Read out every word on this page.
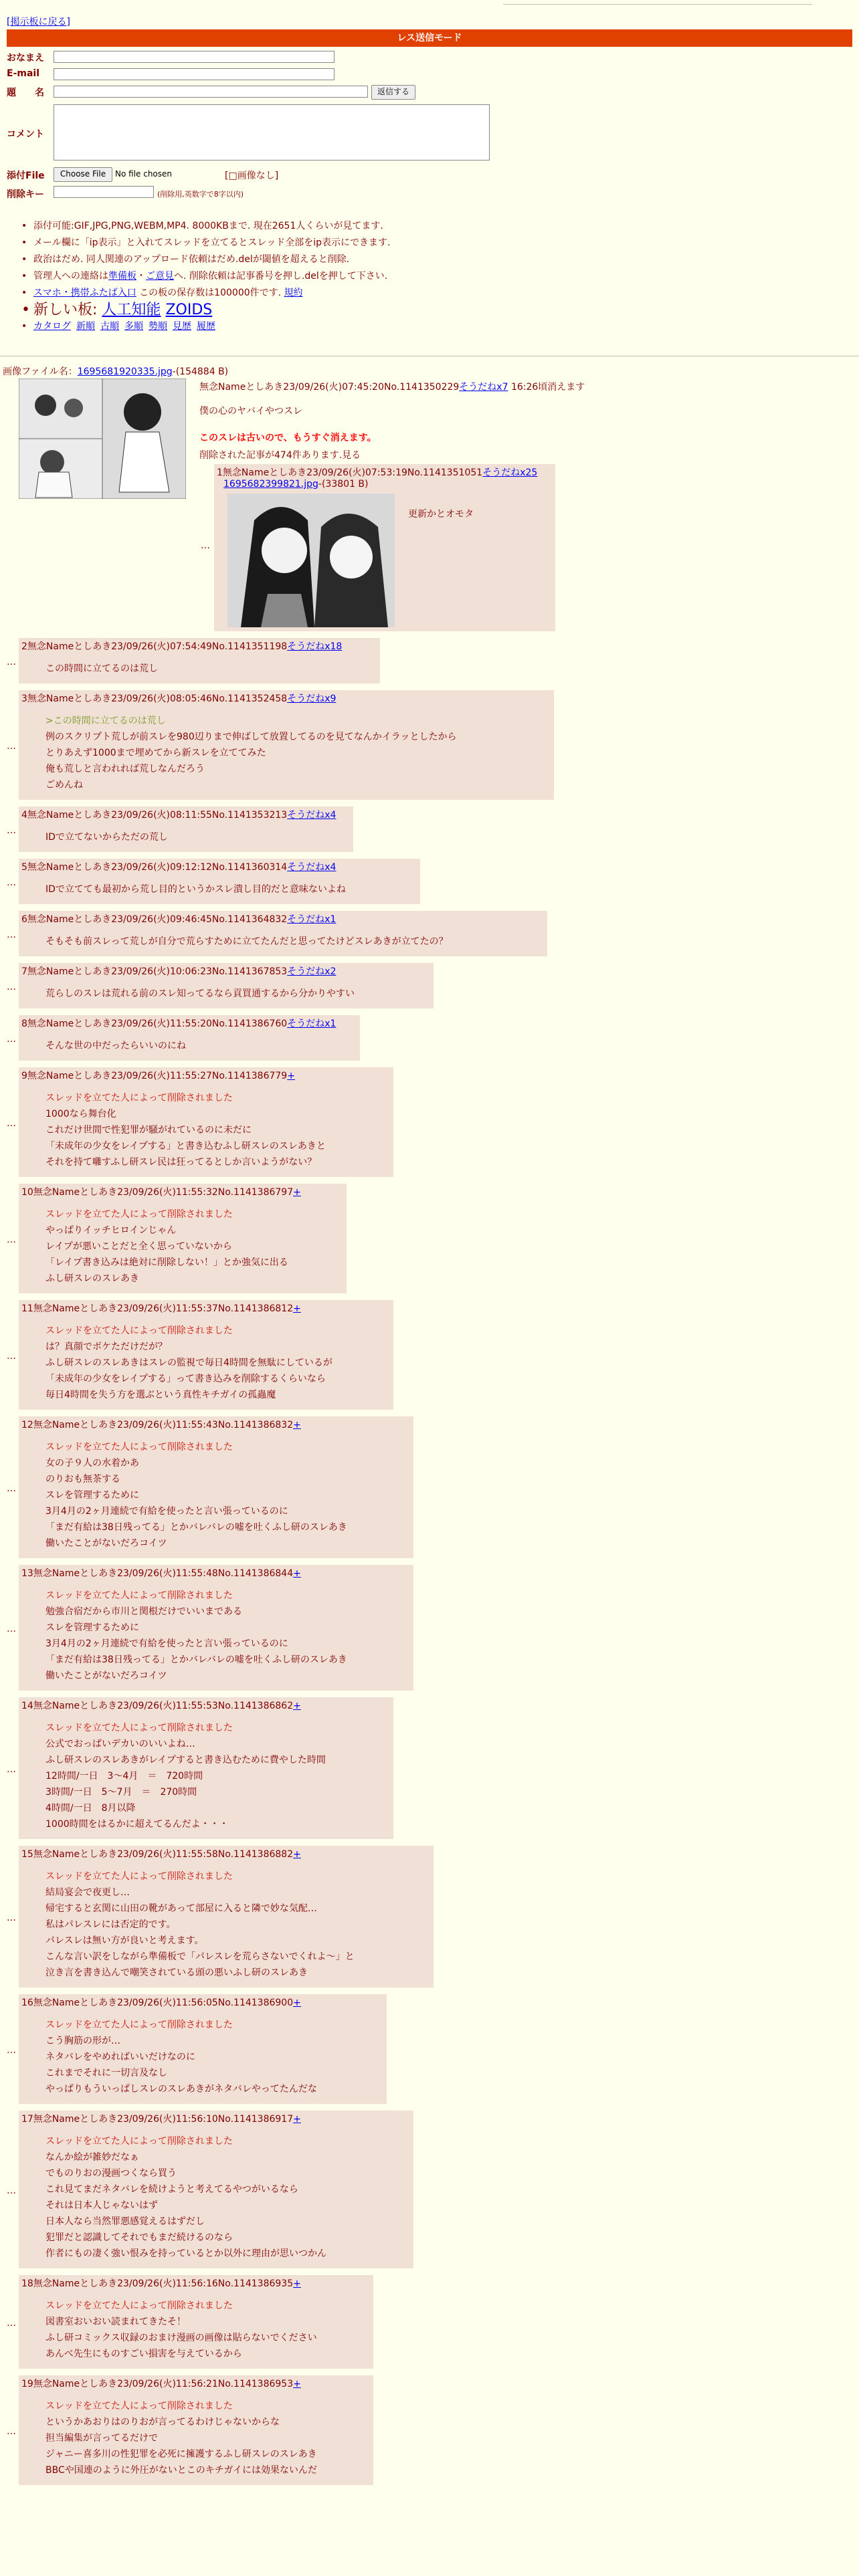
[掲示板に戻る]
レス送信モード
おなまえ
E-mail
題　　名	返信する
コメント
添付File	Choose File	No file chosen	[□画像なし]
削除キー	(削除用,英数字で8字以内)
• 添付可能:GIF,JPG,PNG,WEBM,MP4. 8000KBまで. 現在2651人くらいが見てます.
• メール欄に「ip表示」と入れてスレッドを立てるとスレッド全部をip表示にできます.
• 政治はだめ. 同人関連のアップロード依頼はだめ.delが閾値を超えると削除.
• 管理人への連絡は準備板・ご意見へ. 削除依頼は記事番号を押し.delを押して下さい.
• スマホ・携帯ふたば入口 この板の保存数は100000件です. 規約
• 新しい板: 人工知能 ZOIDS
• カタログ 新順 古順 多順 勢順 見歴 履歴
画像ファイル名：1695681920335.jpg-(154884 B)
無念Nameとしあき23/09/26(火)07:45:20No.1141350229そうだねx7 16:26頃消えます
僕の心のヤバイやつスレ
このスレは古いので、もうすぐ消えます。
削除された記事が474件あります.見る
1無念Nameとしあき23/09/26(火)07:53:19No.1141351051そうだねx25
1695682399821.jpg-(33801 B)
更新かとオモタ
…
2無念Nameとしあき23/09/26(火)07:54:49No.1141351198そうだねx18
この時間に立てるのは荒し
…
3無念Nameとしあき23/09/26(火)08:05:46No.1141352458そうだねx9
>この時間に立てるのは荒し
例のスクリプト荒しが前スレを980辺りまで伸ばして放置してるのを見てなんかイラッとしたから
とりあえず1000まで埋めてから新スレを立ててみた
俺も荒しと言われれば荒しなんだろう
ごめんね
…
4無念Nameとしあき23/09/26(火)08:11:55No.1141353213そうだねx4
IDで立てないからただの荒し
…
5無念Nameとしあき23/09/26(火)09:12:12No.1141360314そうだねx4
IDで立てても最初から荒し目的というかスレ潰し目的だと意味ないよね
…
6無念Nameとしあき23/09/26(火)09:46:45No.1141364832そうだねx1
そもそも前スレって荒しが自分で荒らすために立てたんだと思ってたけどスレあきが立てたの？
…
7無念Nameとしあき23/09/26(火)10:06:23No.1141367853そうだねx2
荒らしのスレは荒れる前のスレ知ってるなら貢買通するから分かりやすい
…
8無念Nameとしあき23/09/26(火)11:55:20No.1141386760そうだねx1
そんな世の中だったらいいのにね
…
9無念Nameとしあき23/09/26(火)11:55:27No.1141386779+
スレッドを立てた人によって削除されました
1000なら舞台化
これだけ世間で性犯罪が騒がれているのに未だに
「未成年の少女をレイプする」と書き込むふし研スレのスレあきと
それを持て囃すふし研スレ民は狂ってるとしか言いようがない？
…
10無念Nameとしあき23/09/26(火)11:55:32No.1141386797+
スレッドを立てた人によって削除されました
やっぱりイッチヒロインじゃん
レイプが悪いことだと全く思っていないから
「レイプ書き込みは絶対に削除しない！」とか強気に出る
ふし研スレのスレあき
…
11無念Nameとしあき23/09/26(火)11:55:37No.1141386812+
スレッドを立てた人によって削除されました
は？真顔でボケただけだが？
ふし研スレのスレあきはスレの監視で毎日4時間を無駄にしているが
「未成年の少女をレイプする」って書き込みを削除するくらいなら
毎日4時間を失う方を選ぶという真性キチガイの孤蟲魔
…
12無念Nameとしあき23/09/26(火)11:55:43No.1141386832+
スレッドを立てた人によって削除されました
女の子９人の水着かあ
のりおも無茶する
スレを管理するために
3月4月の2ヶ月連続で有給を使ったと言い張っているのに
「まだ有給は38日残ってる」とかバレバレの嘘を吐くふし研のスレあき
働いたことがないだろコイツ
…
13無念Nameとしあき23/09/26(火)11:55:48No.1141386844+
スレッドを立てた人によって削除されました
勉強合宿だから市川と関根だけでいいまである
スレを管理するために
3月4月の2ヶ月連続で有給を使ったと言い張っているのに
「まだ有給は38日残ってる」とかバレバレの嘘を吐くふし研のスレあき
働いたことがないだろコイツ
…
14無念Nameとしあき23/09/26(火)11:55:53No.1141386862+
スレッドを立てた人によって削除されました
公式でおっぱいデカいのいいよね…
ふし研スレのスレあきがレイプすると書き込むために費やした時間
12時間/一日　3〜4月　＝　720時間
3時間/一日　5〜7月　＝　270時間
4時間/一日　8月以降
1000時間をはるかに超えてるんだよ・・・
…
15無念Nameとしあき23/09/26(火)11:55:58No.1141386882+
スレッドを立てた人によって削除されました
結局宴会で夜更し…
帰宅すると玄関に山田の靴があって部屋に入ると隣で妙な気配…
私はパレスレには否定的です。
パレスレは無い方が良いと考えます。
こんな言い訳をしながら準備板で「パレスレを荒らさないでくれよ〜」と
泣き言を書き込んで嘲笑されている頭の悪いふし研のスレあき
…
16無念Nameとしあき23/09/26(火)11:56:05No.1141386900+
スレッドを立てた人によって削除されました
こう胸筋の形が…
ネタバレをやめればいいだけなのに
これまでそれに一切言及なし
やっぱりもういっぱしスレのスレあきがネタバレやってたんだな
…
17無念Nameとしあき23/09/26(火)11:56:10No.1141386917+
スレッドを立てた人によって削除されました
なんか絵が雑妙だなぁ
でものりおの漫画つくなら買う
これ見てまだネタバレを続けようと考えてるやつがいるなら
それは日本人じゃないはず
日本人なら当然罪悪感覚えるはずだし
犯罪だと認識してそれでもまだ続けるのなら
作者にもの凄く強い恨みを持っているとか以外に理由が思いつかん
…
18無念Nameとしあき23/09/26(火)11:56:16No.1141386935+
スレッドを立てた人によって削除されました
図書室おいおい読まれてきたそ！
ふし研コミックス収録のおまけ漫画の画像は貼らないでください
あんべ先生にものすごい損害を与えているから
…
19無念Nameとしあき23/09/26(火)11:56:21No.1141386953+
スレッドを立てた人によって削除されました
というかあおりはのりおが言ってるわけじゃないからな
担当編集が言ってるだけで
ジャニー喜多川の性犯罪を必死に擁護するふし研スレのスレあき
BBCや国連のように外圧がないとこのキチガイには効果ないんだ
…
